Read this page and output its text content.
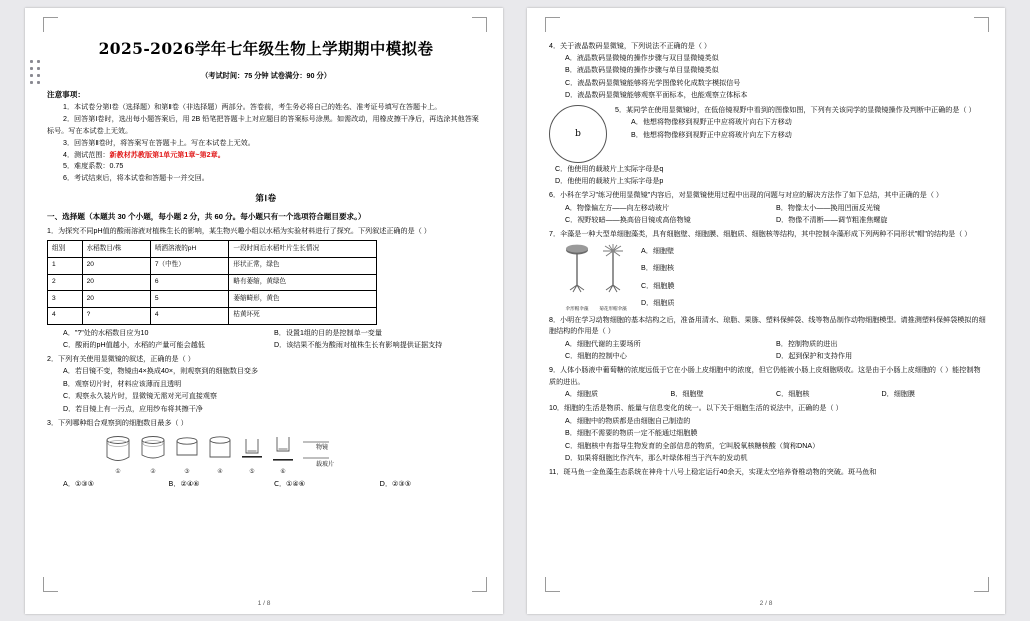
2025-2026学年七年级生物上学期期中模拟卷
（考试时间：75 分钟 试卷满分：90 分）
注意事项：
1．本试卷分第Ⅰ卷（选择题）和第Ⅱ卷（非选择题）两部分。答卷前，考生务必将自己的姓名、准考证号填写在答题卡上。
2．回答第Ⅰ卷时，选出每小题答案后，用 2B 铅笔把答题卡上对应题目的答案标号涂黑。如需改动，用橡皮擦干净后，再选涂其他答案标号。写在本试卷上无效。
3．回答第Ⅱ卷时，将答案写在答题卡上。写在本试卷上无效。
4．测试范围：新教材苏教版第1单元第1章~第2章。
5．难度系数：0.75
6．考试结束后，将本试卷和答题卡一并交回。
第Ⅰ卷
一、选择题（本题共 30 个小题，每小题 2 分，共 60 分。每小题只有一个选项符合题目要求。）
1．为探究不同pH值的酸雨溶液对植株生长的影响，某生物兴趣小组以水稻为实验材料进行了探究。下列叙述正确的是（ ）
组别	水稻数目/株	喷洒溶液的pH	一段时间后水稻叶片生长情况
1	20	7（中性）	形状正常，绿色
2	20	6	略有萎缩，黄绿色
3	20	5	萎缩畸形，黄色
4	?	4	枯黄坏死
A．"?"处的水稻数目应为10	B．设置1组的目的是控制单一变量
C．酸雨的pH值越小，水稻的产量可能会越低	D．该结果不能为酸雨对植株生长有影响提供证据支持
2．下列有关使用显微镜的叙述，正确的是（ ）
A．若目镜不变，物镜由4×换成40×，则观察到的细胞数目变多
B．观察切片时，材料应该薄而且透明
C．观察永久装片时，显微镜无需对光可直接观察
D．若目镜上有一污点，应用纱布将其擦干净
3．下列哪种组合观察到的细胞数目最多（ ）
①	②	③	④	⑤	⑥
物镜
载玻片
A．①③⑤	B．②④⑥	C．①④⑥	D．②③⑤
1 / 8
4．关于液晶数码显微镜，下列说法不正确的是（ ）
A．液晶数码显微镜的操作步骤与双目显微镜类似
B．液晶数码显微镜的操作步骤与单目显微镜类似
C．液晶数码显微镜能够将光学图像转化成数字模拟信号
D．液晶数码显微镜能够观察平面标本，也能观察立体标本
b
5．某同学在使用显微镜时，在低倍镜视野中看到的图像如图，下列有关该同学的显微镜操作及判断中正确的是（ ）
A．他想将物像移到视野正中应将玻片向右下方移动
B．他想将物像移到视野正中应将玻片向左下方移动
C．他使用的载玻片上实际字母是q
D．他使用的载玻片上实际字母是p
6．小科在学习"练习使用显微镜"内容后，对显微镜使用过程中出现的问题与对应的解决方法作了如下总结，其中正确的是（ ）
A．物像偏左方——向左移动玻片	B．物像太小——换用凹面反光镜
C．视野较暗——换高倍目镜或高倍物镜	D．物像不清断——调节粗准焦螺旋
7．伞藻是一种大型单细胞藻类，具有细胞壁、细胞膜、细胞质、细胞核等结构，其中控制伞藻形成下列两种不同形状"帽"的结构是（ ）
伞形帽伞藻	菊花形帽伞藻
A．细胞壁
B．细胞核
C．细胞膜
D．细胞质
8．小明在学习动物细胞的基本结构之后，准备用清水、琼脂、果胨、塑料保鲜袋、线等物品制作动物细胞模型。请推测塑料保鲜袋模拟的细胞结构的作用是（ ）
A．细胞代谢的主要场所	B．控制物质的进出
C．细胞的控制中心	D．起到保护和支持作用
9．人体小肠液中葡萄糖的浓度远低于它在小肠上皮细胞中的浓度，但它仍能被小肠上皮细胞吸收。这是由于小肠上皮细胞的（ ）能控制物质的进出。
A．细胞质	B．细胞壁	C．细胞核	D．细胞膜
10．细胞的生活是物质、能量与信息变化的统一。以下关于细胞生活的说法中，正确的是（ ）
A．细胞中的物质都是由细胞自己制造的
B．细胞不需要的物质一定不能通过细胞膜
C．细胞核中有指导生物发育的全部信息的物质，它叫脱氧核糖核酸（简称DNA）
D．如果将细胞比作汽车，那么叶绿体相当于汽车的发动机
11．斑马鱼一金鱼藻生态系统在神舟十八号上稳定运行40余天，实现太空培养脊椎动物的突破。斑马鱼和
2 / 8
